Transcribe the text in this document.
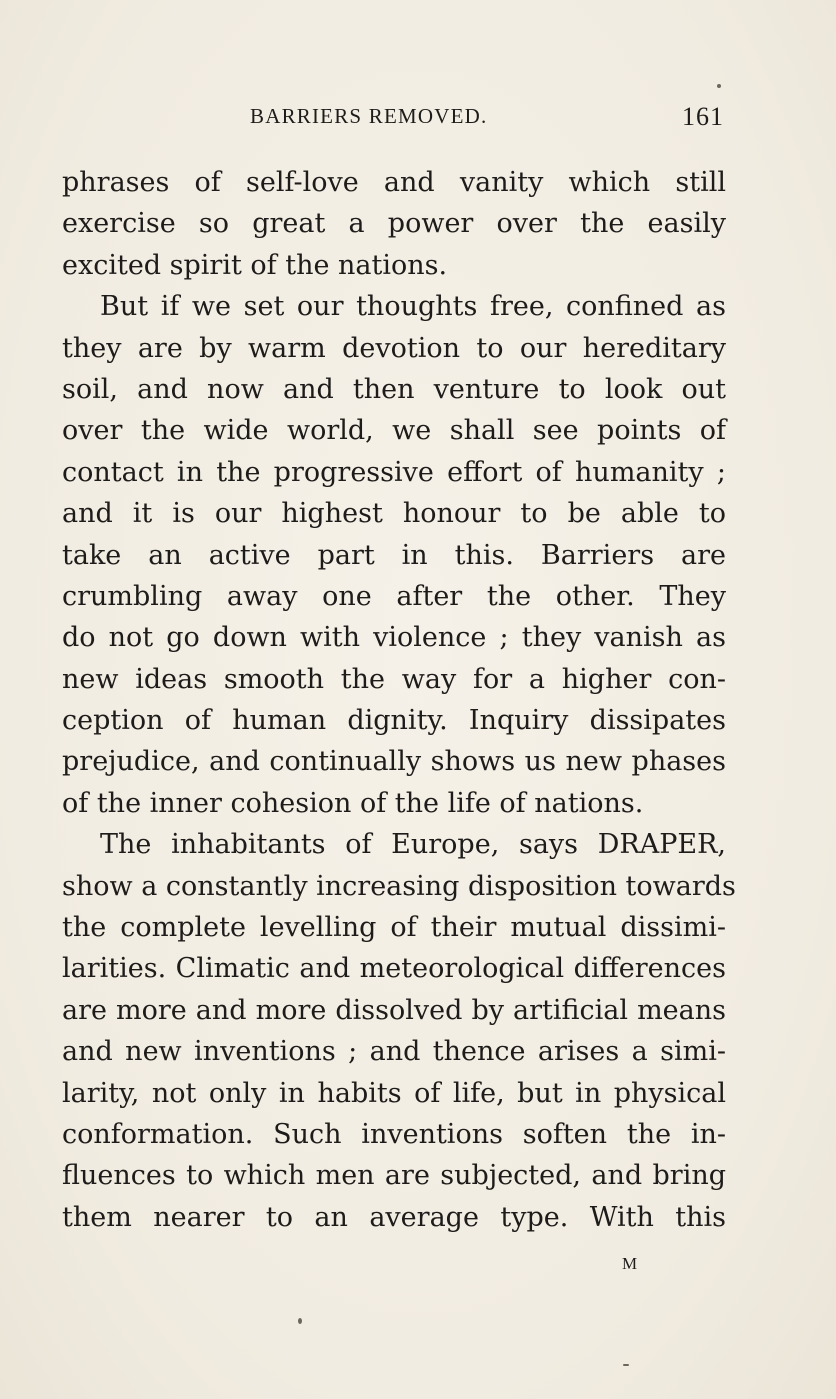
BARRIERS REMOVED.	161
phrases of self-love and vanity which still
exercise so great a power over the easily
excited spirit of the nations.
But if we set our thoughts free, confined as
they are by warm devotion to our hereditary
soil, and now and then venture to look out
over the wide world, we shall see points of
contact in the progressive effort of humanity ;
and it is our highest honour to be able to
take an active part in this. Barriers are
crumbling away one after the other. They
do not go down with violence ; they vanish as
new ideas smooth the way for a higher con-
ception of human dignity. Inquiry dissipates
prejudice, and continually shows us new phases
of the inner cohesion of the life of nations.
The inhabitants of Europe, says DRAPER,
show a constantly increasing disposition towards
the complete levelling of their mutual dissimi-
larities. Climatic and meteorological differences
are more and more dissolved by artificial means
and new inventions ; and thence arises a simi-
larity, not only in habits of life, but in physical
conformation. Such inventions soften the in-
fluences to which men are subjected, and bring
them nearer to an average type. With this
M
